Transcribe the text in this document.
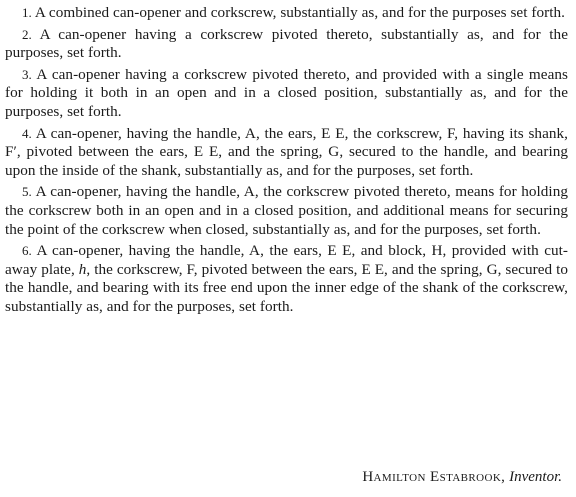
1. A combined can-opener and corkscrew, substantially as, and for the purposes set forth.

2. A can-opener having a corkscrew pivoted thereto, substantially as, and for the purposes, set forth.

3. A can-opener having a corkscrew pivoted thereto, and provided with a single means for holding it both in an open and in a closed position, substantially as, and for the purposes, set forth.

4. A can-opener, having the handle, A, the ears, E E, the corkscrew, F, having its shank, F′, pivoted between the ears, E E, and the spring, G, secured to the handle, and bearing upon the inside of the shank, substantially as, and for the purposes, set forth.

5. A can-opener, having the handle, A, the corkscrew pivoted thereto, means for holding the corkscrew both in an open and in a closed position, and additional means for securing the point of the corkscrew when closed, substantially as, and for the purposes, set forth.

6. A can-opener, having the handle, A, the ears, E E, and block, H, provided with cut-away plate, h, the corkscrew, F, pivoted between the ears, E E, and the spring, G, secured to the handle, and bearing with its free end upon the inner edge of the shank of the corkscrew, substantially as, and for the purposes, set forth.

Hamilton Estabrook, Inventor.
